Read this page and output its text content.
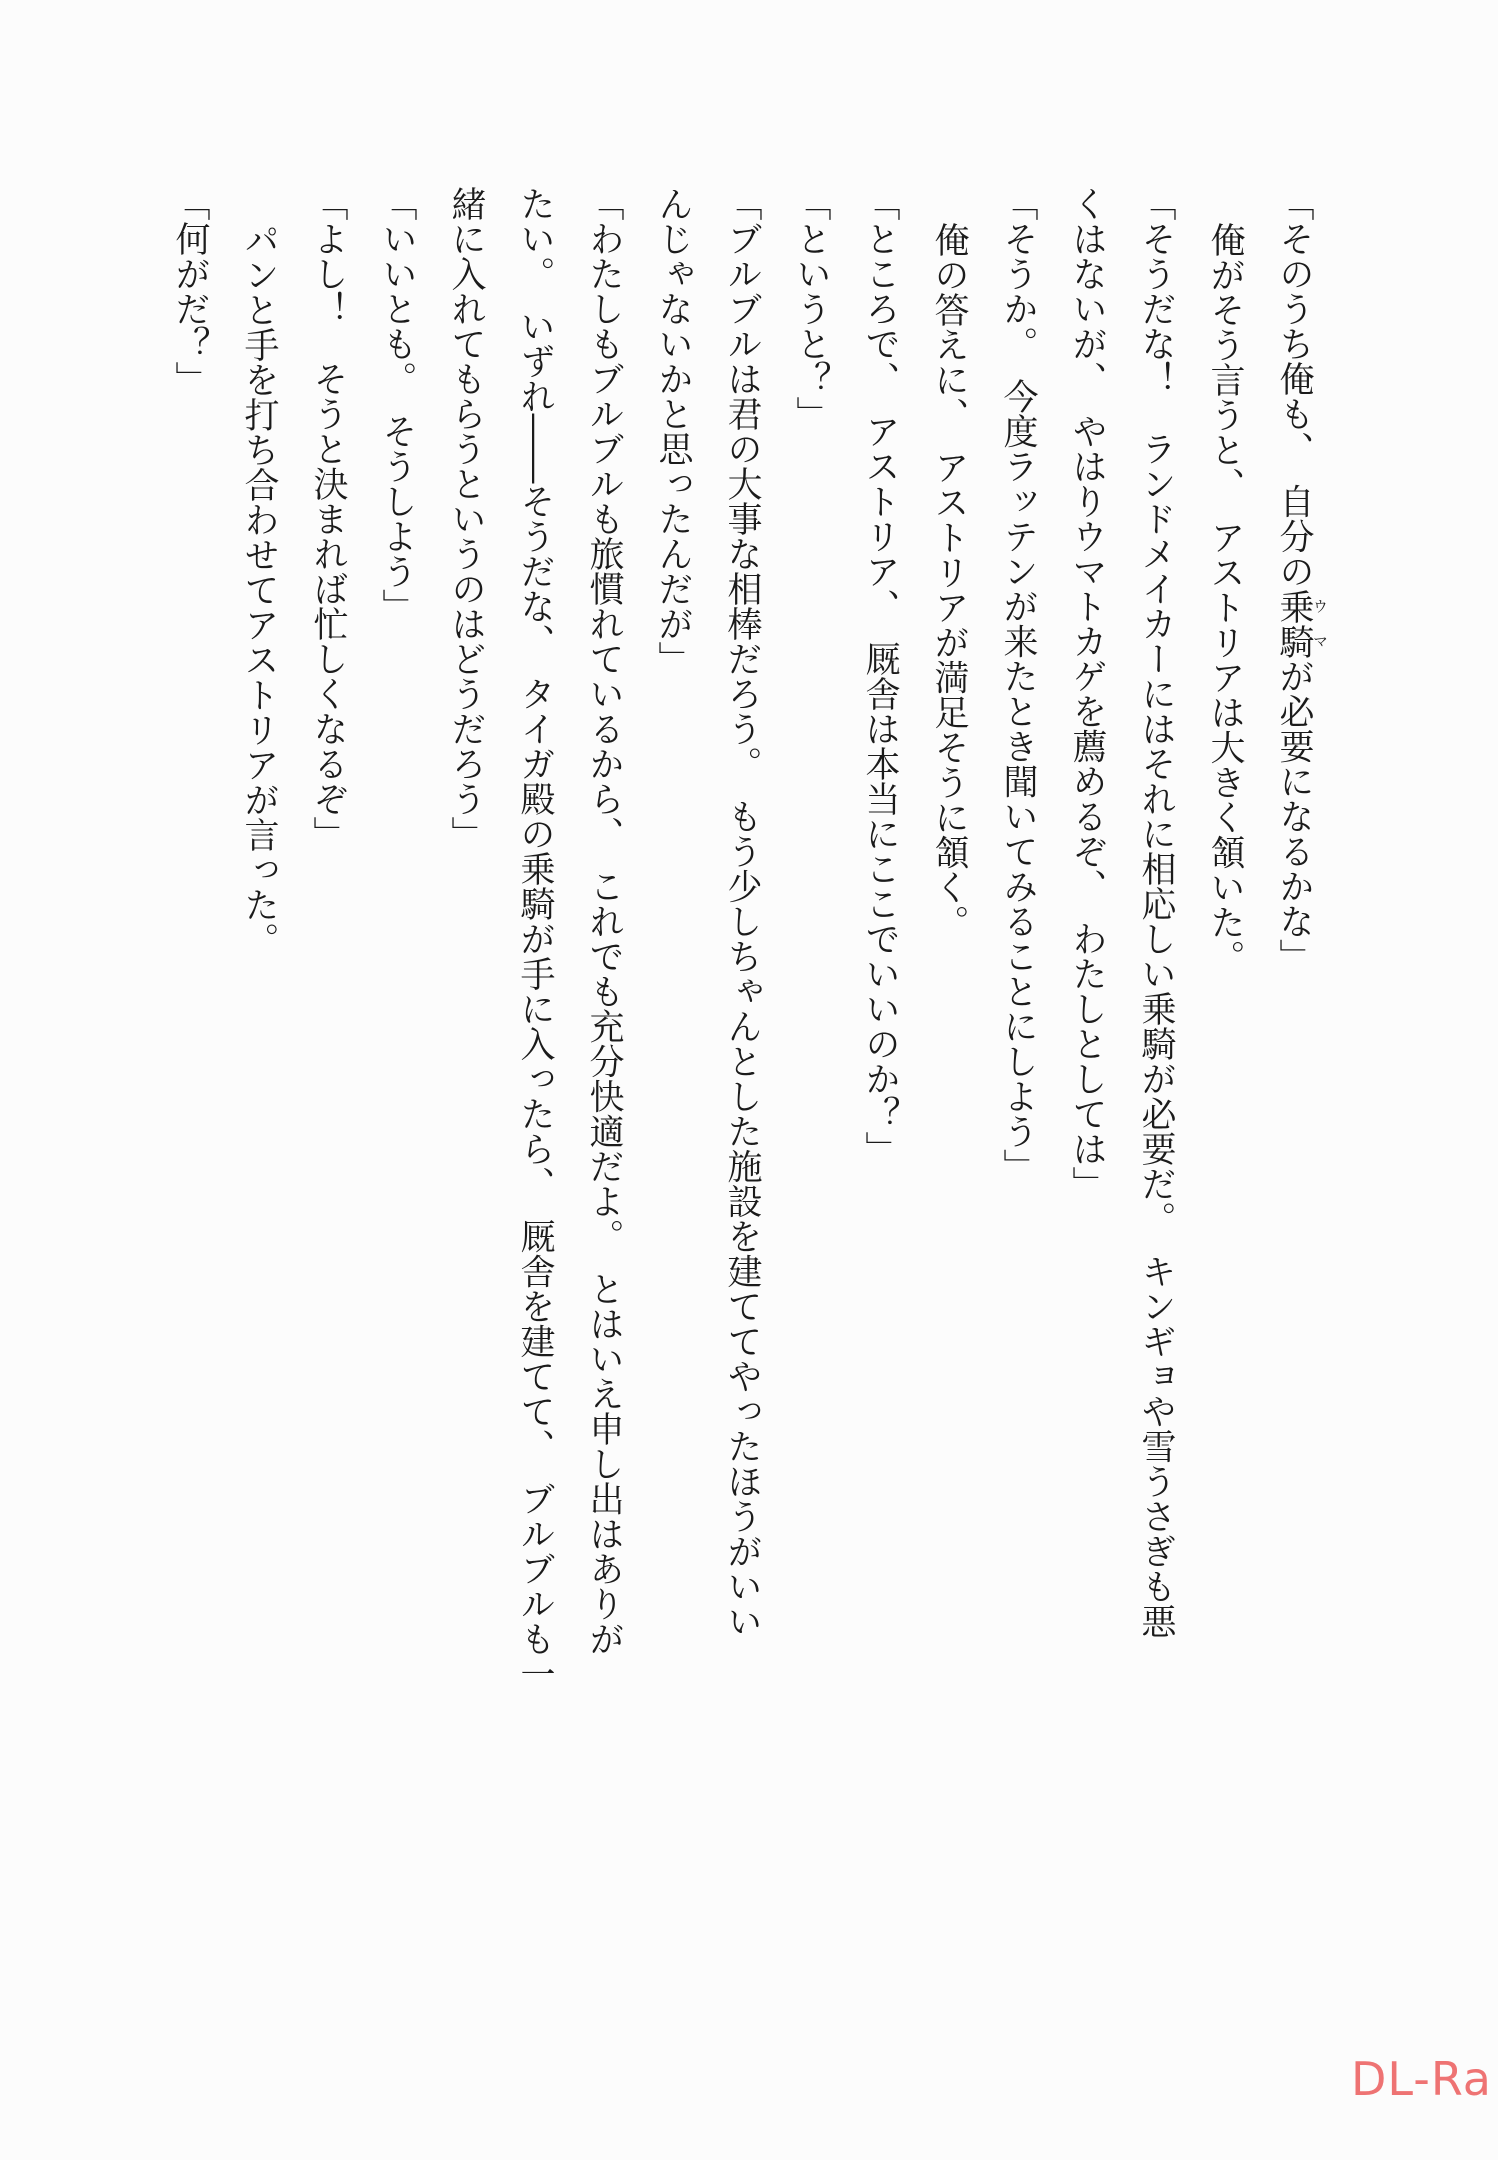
「そのうち俺も、　自分の乗騎ウマが必要になるかな」
俺がそう言うと、　アストリアは大きく頷いた。
「そうだな！　ランドメイカーにはそれに相応しい乗騎が必要だ。　キンギョや雪うさぎも悪
くはないが、　やはりウマトカゲを薦めるぞ、　わたしとしては」
「そうか。　今度ラッテンが来たとき聞いてみることにしよう」
俺の答えに、　アストリアが満足そうに頷く。
「ところで、　アストリア、　厩舎は本当にここでいいのか？」
「というと？」
「ブルブルは君の大事な相棒だろう。　もう少しちゃんとした施設を建ててやったほうがいい
んじゃないかと思ったんだが」
「わたしもブルブルも旅慣れているから、　これでも充分快適だよ。　とはいえ申し出はありが
たい。　いずれ――そうだな、　タイガ殿の乗騎が手に入ったら、　厩舎を建てて、　ブルブルも一
緒に入れてもらうというのはどうだろう」
「いいとも。　そうしよう」
「よし！　そうと決まれば忙しくなるぞ」
パンと手を打ち合わせてアストリアが言った。
「何がだ？」
DL-Ra
